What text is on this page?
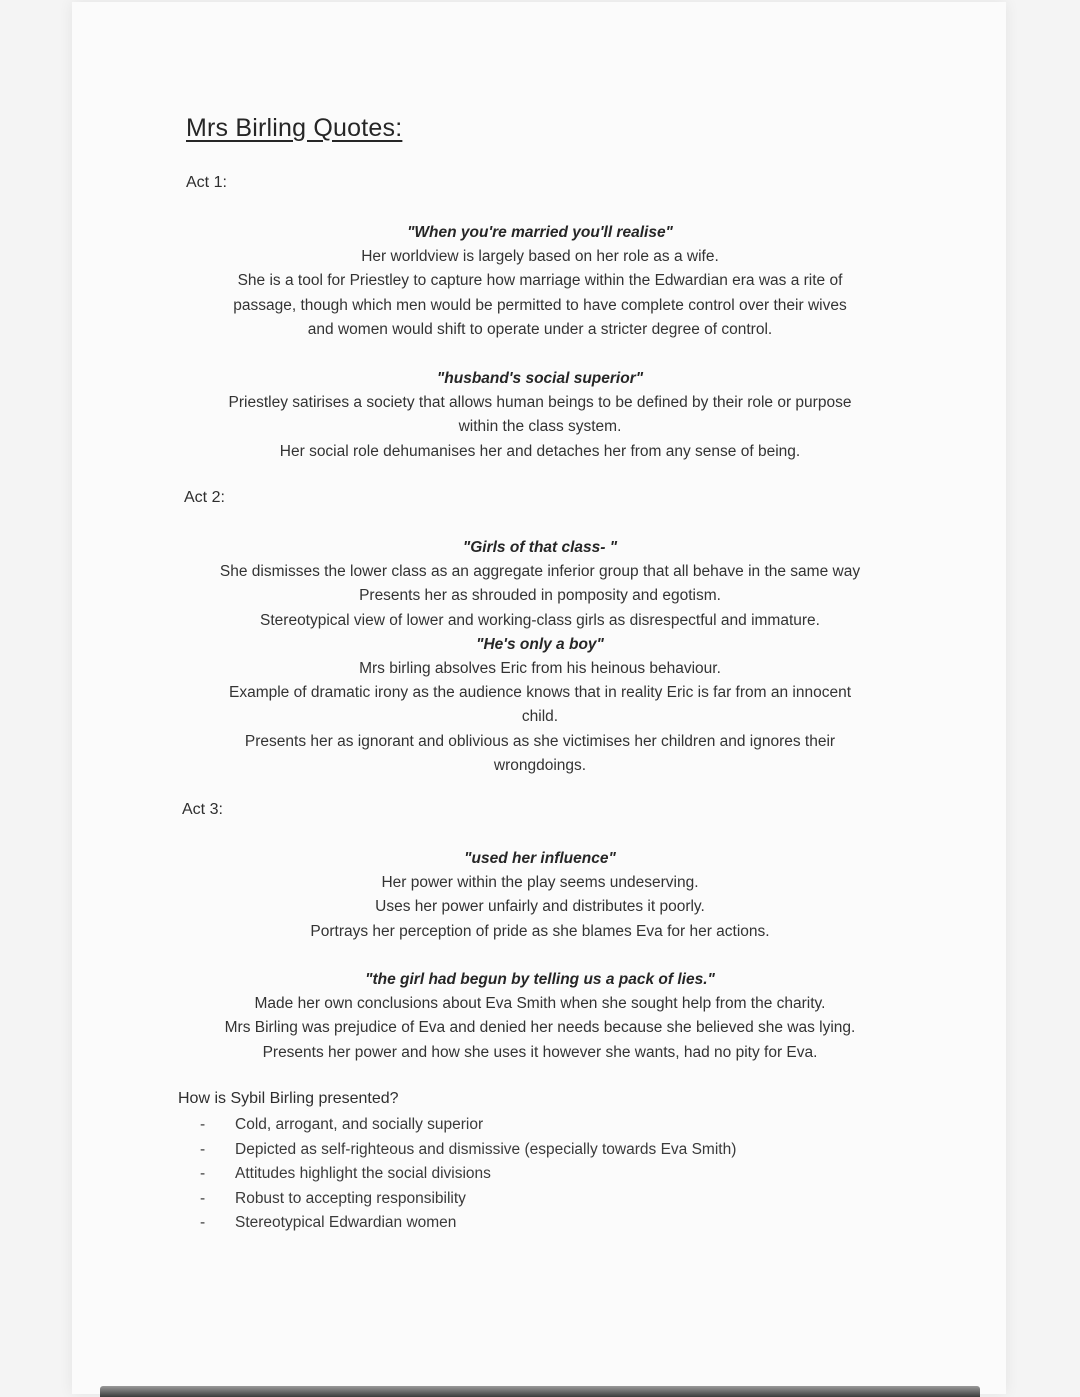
Mrs Birling Quotes:
Act 1:

"When you're married you'll realise"

Her worldview is largely based on her role as a wife.

She is a tool for Priestley to capture how marriage within the Edwardian era was a rite of

passage, though which men would be permitted to have complete control over their wives

and women would shift to operate under a stricter degree of control.

"husband's social superior"

Priestley satirises a society that allows human beings to be defined by their role or purpose

within the class system.

Her social role dehumanises her and detaches her from any sense of being.

Act 2:

"Girls of that class- "

She dismisses the lower class as an aggregate inferior group that all behave in the same way

Presents her as shrouded in pomposity and egotism.

Stereotypical view of lower and working-class girls as disrespectful and immature.

"He's only a boy"

Mrs birling absolves Eric from his heinous behaviour.

Example of dramatic irony as the audience knows that in reality Eric is far from an innocent

child.

Presents her as ignorant and oblivious as she victimises her children and ignores their

wrongdoings.

Act 3:

"used her influence"

Her power within the play seems undeserving.

Uses her power unfairly and distributes it poorly.

Portrays her perception of pride as she blames Eva for her actions.

"the girl had begun by telling us a pack of lies."

Made her own conclusions about Eva Smith when she sought help from the charity.

Mrs Birling was prejudice of Eva and denied her needs because she believed she was lying.

Presents her power and how she uses it however she wants, had no pity for Eva.

How is Sybil Birling presented?
-	Cold, arrogant, and socially superior
-	Depicted as self-righteous and dismissive (especially towards Eva Smith)
-	Attitudes highlight the social divisions
-	Robust to accepting responsibility
-	Stereotypical Edwardian women
